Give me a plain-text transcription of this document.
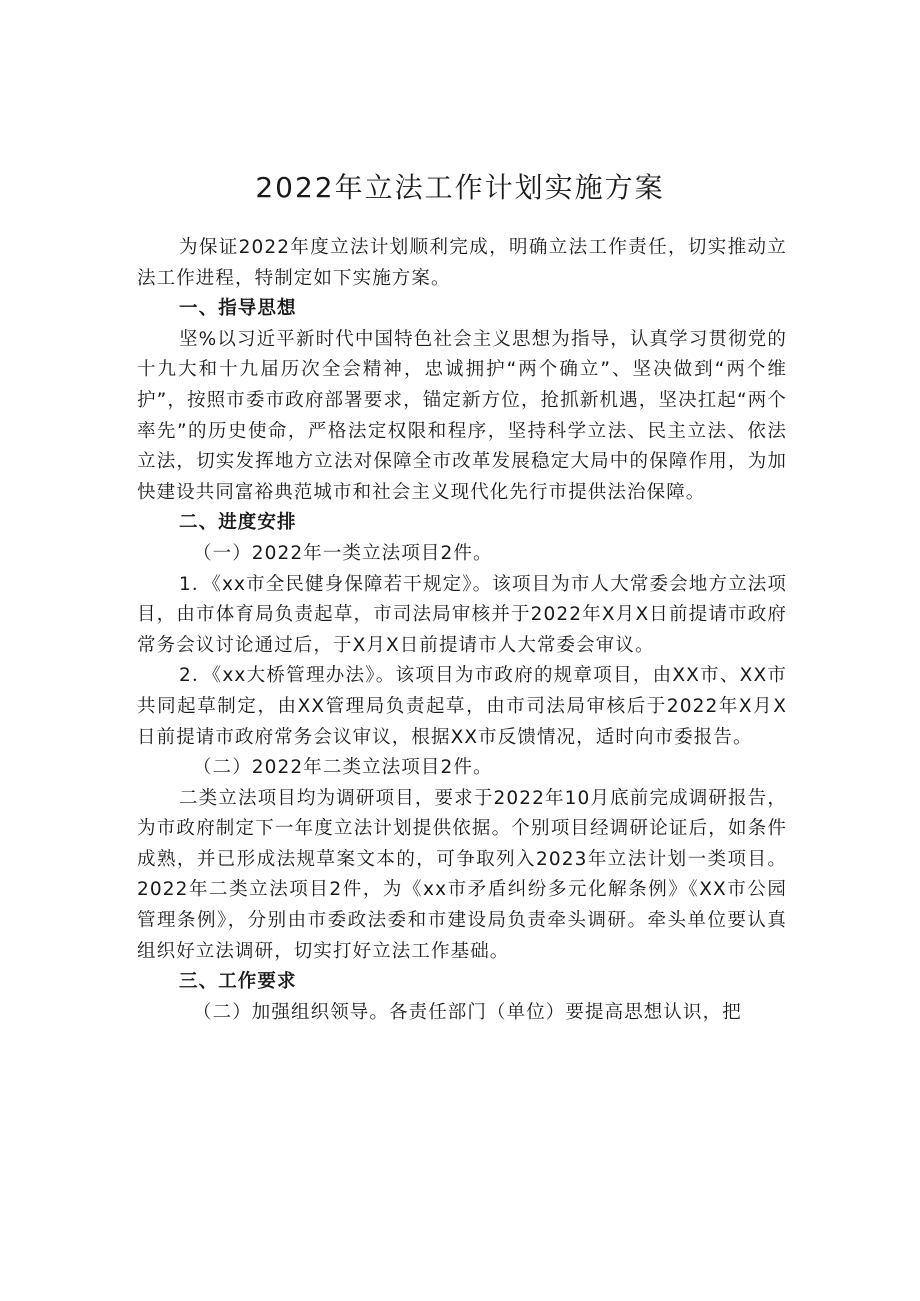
2022年立法工作计划实施方案

为保证2022年度立法计划顺利完成，明确立法工作责任，切实推动立法工作进程，特制定如下实施方案。

一、指导思想

坚%以习近平新时代中国特色社会主义思想为指导，认真学习贯彻党的十九大和十九届历次全会精神，忠诚拥护“两个确立”、坚决做到“两个维护”，按照市委市政府部署要求，锚定新方位，抢抓新机遇，坚决扛起“两个率先”的历史使命，严格法定权限和程序，坚持科学立法、民主立法、依法立法，切实发挥地方立法对保障全市改革发展稳定大局中的保障作用，为加快建设共同富裕典范城市和社会主义现代化先行市提供法治保障。

二、进度安排

（一）2022年一类立法项目2件。

1．《xx市全民健身保障若干规定》。该项目为市人大常委会地方立法项目，由市体育局负责起草，市司法局审核并于2022年X月X日前提请市政府常务会议讨论通过后，于X月X日前提请市人大常委会审议。

2．《xx大桥管理办法》。该项目为市政府的规章项目，由XX市、XX市共同起草制定，由XX管理局负责起草，由市司法局审核后于2022年X月X日前提请市政府常务会议审议，根据XX市反馈情况，适时向市委报告。

（二）2022年二类立法项目2件。

二类立法项目均为调研项目，要求于2022年10月底前完成调研报告，为市政府制定下一年度立法计划提供依据。个别项目经调研论证后，如条件成熟，并已形成法规草案文本的，可争取列入2023年立法计划一类项目。2022年二类立法项目2件，为《xx市矛盾纠纷多元化解条例》《XX市公园管理条例》，分别由市委政法委和市建设局负责牵头调研。牵头单位要认真组织好立法调研，切实打好立法工作基础。

三、工作要求

（二）加强组织领导。各责任部门（单位）要提高思想认识，把
